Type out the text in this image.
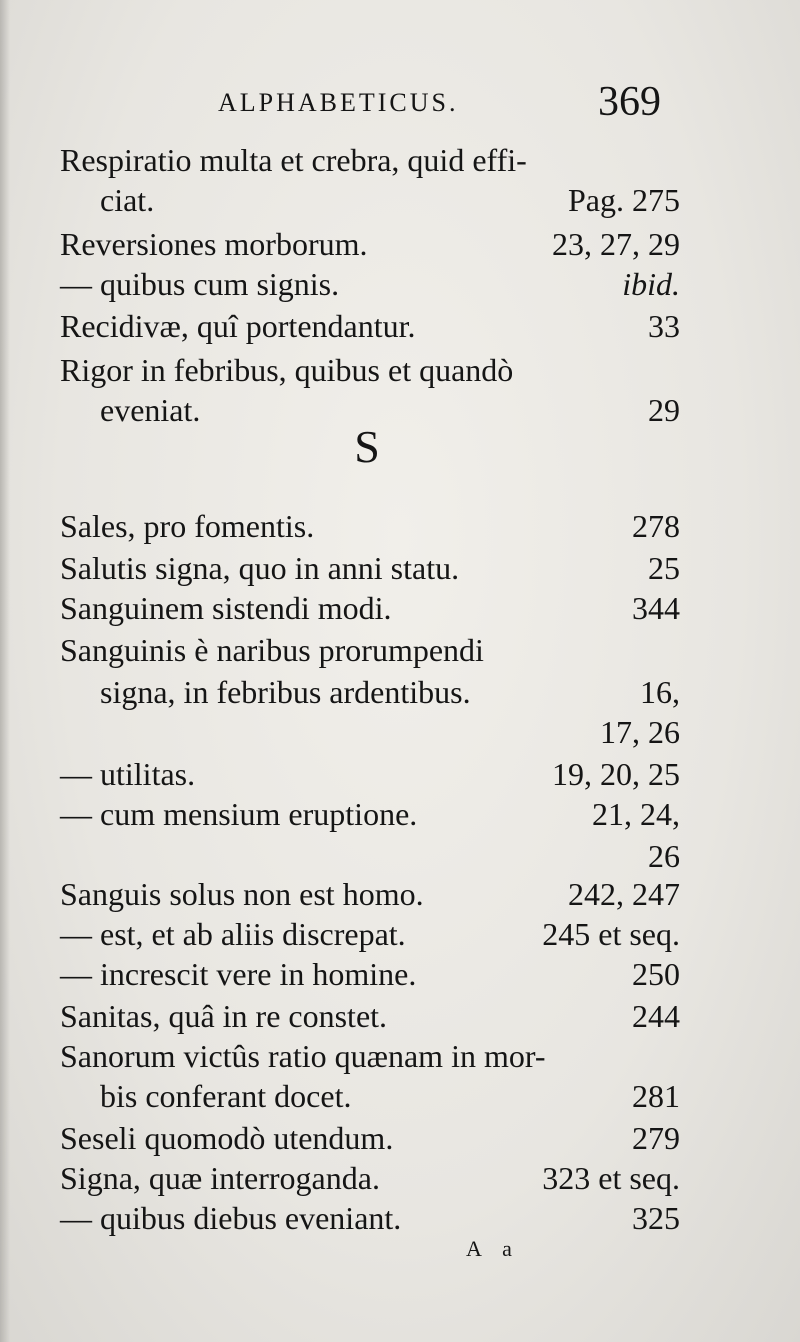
ALPHABETICUS.	369
Respiratio multa et crebra, quid effi-
ciat.	Pag. 275
Reversiones morborum.	23, 27, 29
— quibus cum signis.	ibid.
Recidivæ, quî portendantur.	33
Rigor in febribus, quibus et quandò
eveniat.	29
Sales, pro fomentis.	278
Salutis signa, quo in anni statu.	25
Sanguinem sistendi modi.	344
Sanguinis è naribus prorumpendi
signa, in febribus ardentibus.	16,
17, 26
— utilitas.	19, 20, 25
— cum mensium eruptione.	21, 24,
26
Sanguis solus non est homo.	242, 247
— est, et ab aliis discrepat.	245 et seq.
— increscit vere in homine.	250
Sanitas, quâ in re constet.	244
Sanorum victûs ratio quænam in mor-
bis conferant docet.	281
Seseli quomodò utendum.	279
Signa, quæ interroganda.	323 et seq.
— quibus diebus eveniant.	325
S
A a
